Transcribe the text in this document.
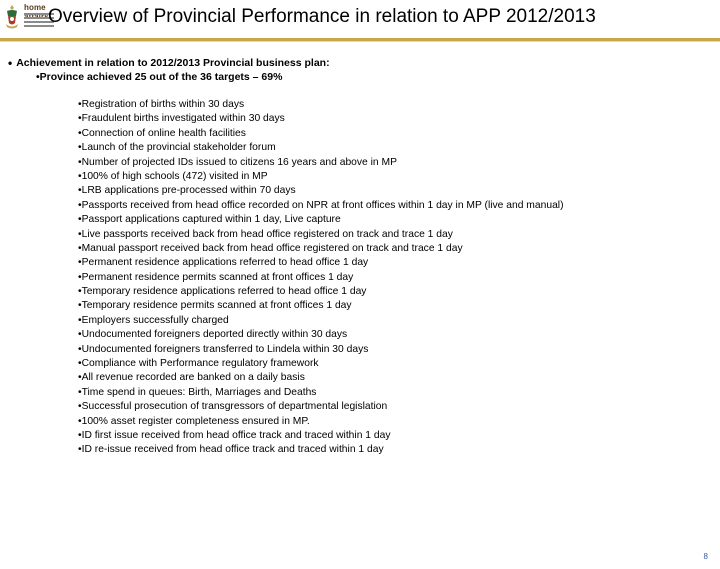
home Overview of Provincial Performance in relation to APP 2012/2013
• Achievement in relation to 2012/2013 Provincial business plan:
•Province achieved 25 out of the 36 targets – 69%
•Registration of births within 30 days
•Fraudulent births investigated within 30 days
•Connection of online health facilities
•Launch of the provincial stakeholder forum
•Number of projected IDs issued to citizens 16 years and above in MP
•100% of high schools (472) visited in MP
•LRB applications pre-processed within 70 days
•Passports received from head office recorded on NPR at front offices within 1 day in MP (live and manual)
•Passport applications captured within 1 day, Live capture
•Live passports received back from head office registered on track and trace 1 day
•Manual passport received back from head office registered on track and trace 1 day
•Permanent residence applications referred to head office 1 day
•Permanent residence permits scanned at front offices 1 day
•Temporary residence applications referred to head office 1 day
•Temporary residence permits scanned at front offices 1 day
•Employers successfully charged
•Undocumented foreigners deported directly within 30 days
•Undocumented foreigners transferred to Lindela within 30 days
•Compliance with Performance regulatory framework
•All revenue recorded are banked on a daily basis
•Time spend in queues: Birth, Marriages and Deaths
•Successful prosecution of transgressors of departmental legislation
•100% asset register completeness ensured in MP.
•ID first issue received from head office track and traced within 1 day
•ID re-issue received from head office track and traced within 1 day
8
